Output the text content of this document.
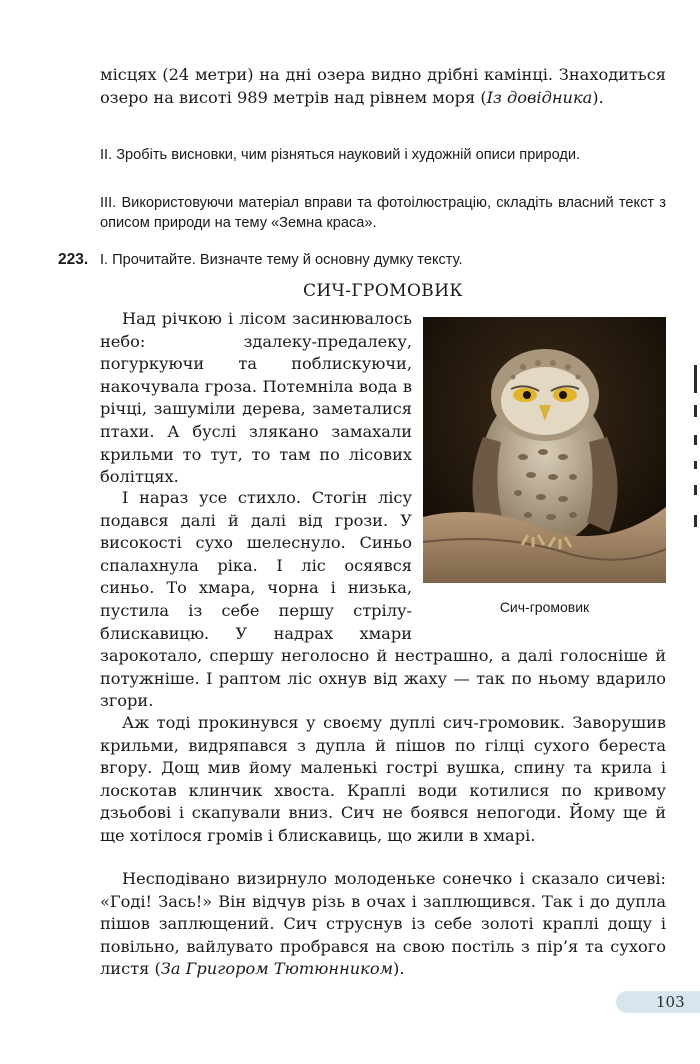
місцях (24 метри) на дні озера видно дрібні камінці. Знаходиться озеро на висоті 989 метрів над рівнем моря (Із довідника).

II. Зробіть висновки, чим різняться науковий і художній описи природи.

III. Використовуючи матеріал вправи та фотоілюстрацію, складіть власний текст з описом природи на тему «Земна краса».

223. I. Прочитайте. Визначте тему й основну думку тексту.

СИЧ-ГРОМОВИК
Сич-громовик

Над річкою і лісом засинювалось небо: здалеку-предалеку, погуркуючи та поблискуючи, накочувала гроза. Потемніла вода в річці, зашуміли дерева, заметалися птахи. А буслі злякано замахали крильми то тут, то там по лісових болітцях.

І нараз усе стихло. Стогін лісу подався далі й далі від грози. У високості сухо шелеснуло. Синьо спалахнула ріка. І ліс осяявся синьо. То хмара, чорна і низька, пустила із себе першу стрілу-блискавицю. У надрах хмари зарокотало, спершу неголосно й нестрашно, а далі голосніше й потужніше. І раптом ліс охнув від жаху — так по ньому вдарило згори.

Аж тоді прокинувся у своєму дуплі сич-громовик. Заворушив крильми, видряпався з дупла й пішов по гілці сухого береста вгору. Дощ мив йому маленькі гострі вушка, спину та крила і лоскотав клинчик хвоста. Краплі води котилися по кривому дзьобові і скапували вниз. Сич не боявся непогоди. Йому ще й ще хотілося громів і блискавиць, що жили в хмарі.

Несподівано визирнуло молоденьке сонечко і сказало сичеві: «Годі! Зась!» Він відчув різь в очах і заплющився. Так і до дупла пішов заплющений. Сич струснув із себе золоті краплі дощу і повільно, вайлувато пробрався на свою постіль з пір’я та сухого листя (За Григором Тютюнником).

103
